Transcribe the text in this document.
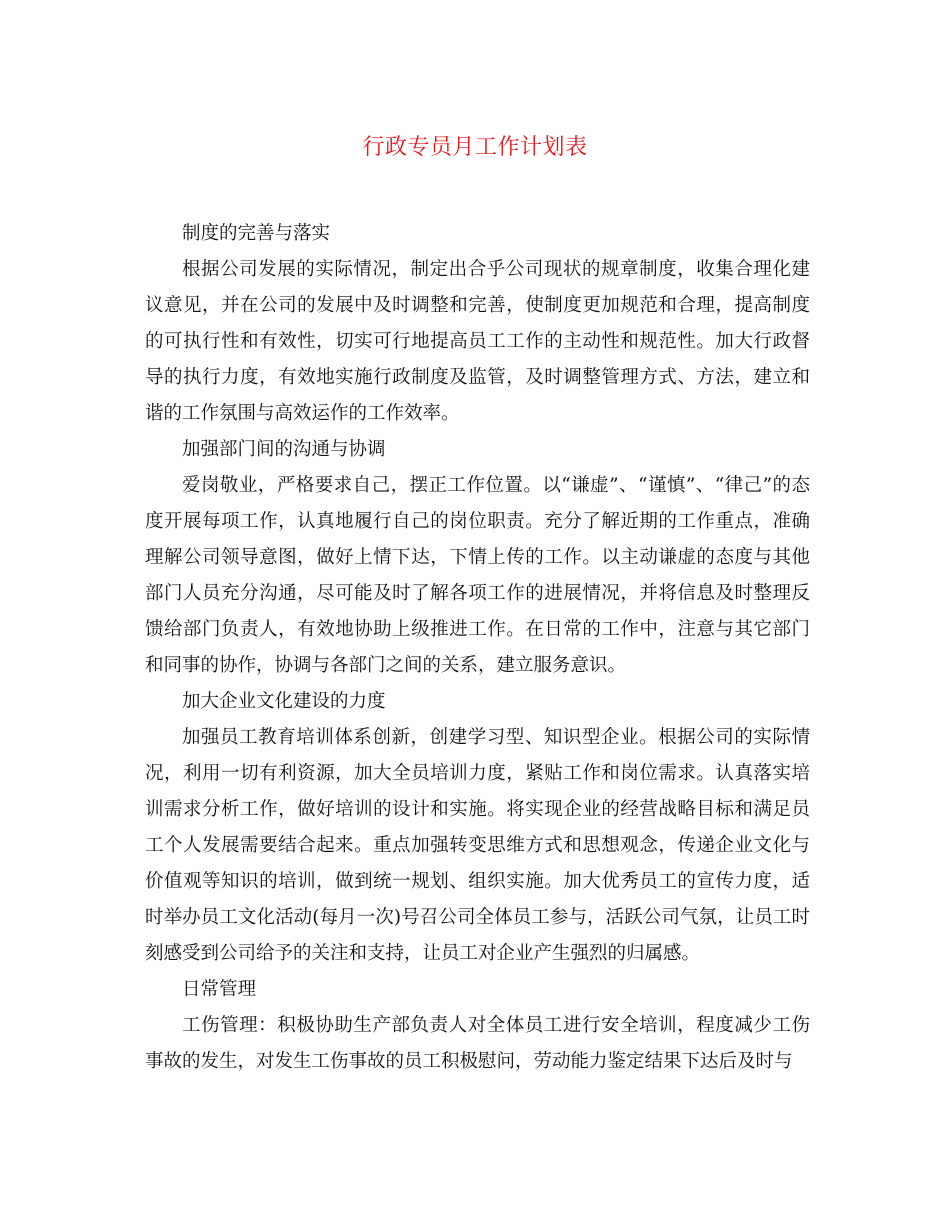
行政专员月工作计划表

制度的完善与落实

根据公司发展的实际情况，制定出合乎公司现状的规章制度，收集合理化建议意见，并在公司的发展中及时调整和完善，使制度更加规范和合理，提高制度的可执行性和有效性，切实可行地提高员工工作的主动性和规范性。加大行政督导的执行力度，有效地实施行政制度及监管，及时调整管理方式、方法，建立和谐的工作氛围与高效运作的工作效率。

加强部门间的沟通与协调

爱岗敬业，严格要求自己，摆正工作位置。以“谦虚”、“谨慎”、“律己”的态度开展每项工作，认真地履行自己的岗位职责。充分了解近期的工作重点，准确理解公司领导意图，做好上情下达，下情上传的工作。以主动谦虚的态度与其他部门人员充分沟通，尽可能及时了解各项工作的进展情况，并将信息及时整理反馈给部门负责人，有效地协助上级推进工作。在日常的工作中，注意与其它部门和同事的协作，协调与各部门之间的关系，建立服务意识。

加大企业文化建设的力度

加强员工教育培训体系创新，创建学习型、知识型企业。根据公司的实际情况，利用一切有利资源，加大全员培训力度，紧贴工作和岗位需求。认真落实培训需求分析工作，做好培训的设计和实施。将实现企业的经营战略目标和满足员工个人发展需要结合起来。重点加强转变思维方式和思想观念，传递企业文化与价值观等知识的培训，做到统一规划、组织实施。加大优秀员工的宣传力度，适时举办员工文化活动(每月一次)号召公司全体员工参与，活跃公司气氛，让员工时刻感受到公司给予的关注和支持，让员工对企业产生强烈的归属感。

日常管理

工伤管理：积极协助生产部负责人对全体员工进行安全培训，程度减少工伤事故的发生，对发生工伤事故的员工积极慰问，劳动能力鉴定结果下达后及时与
